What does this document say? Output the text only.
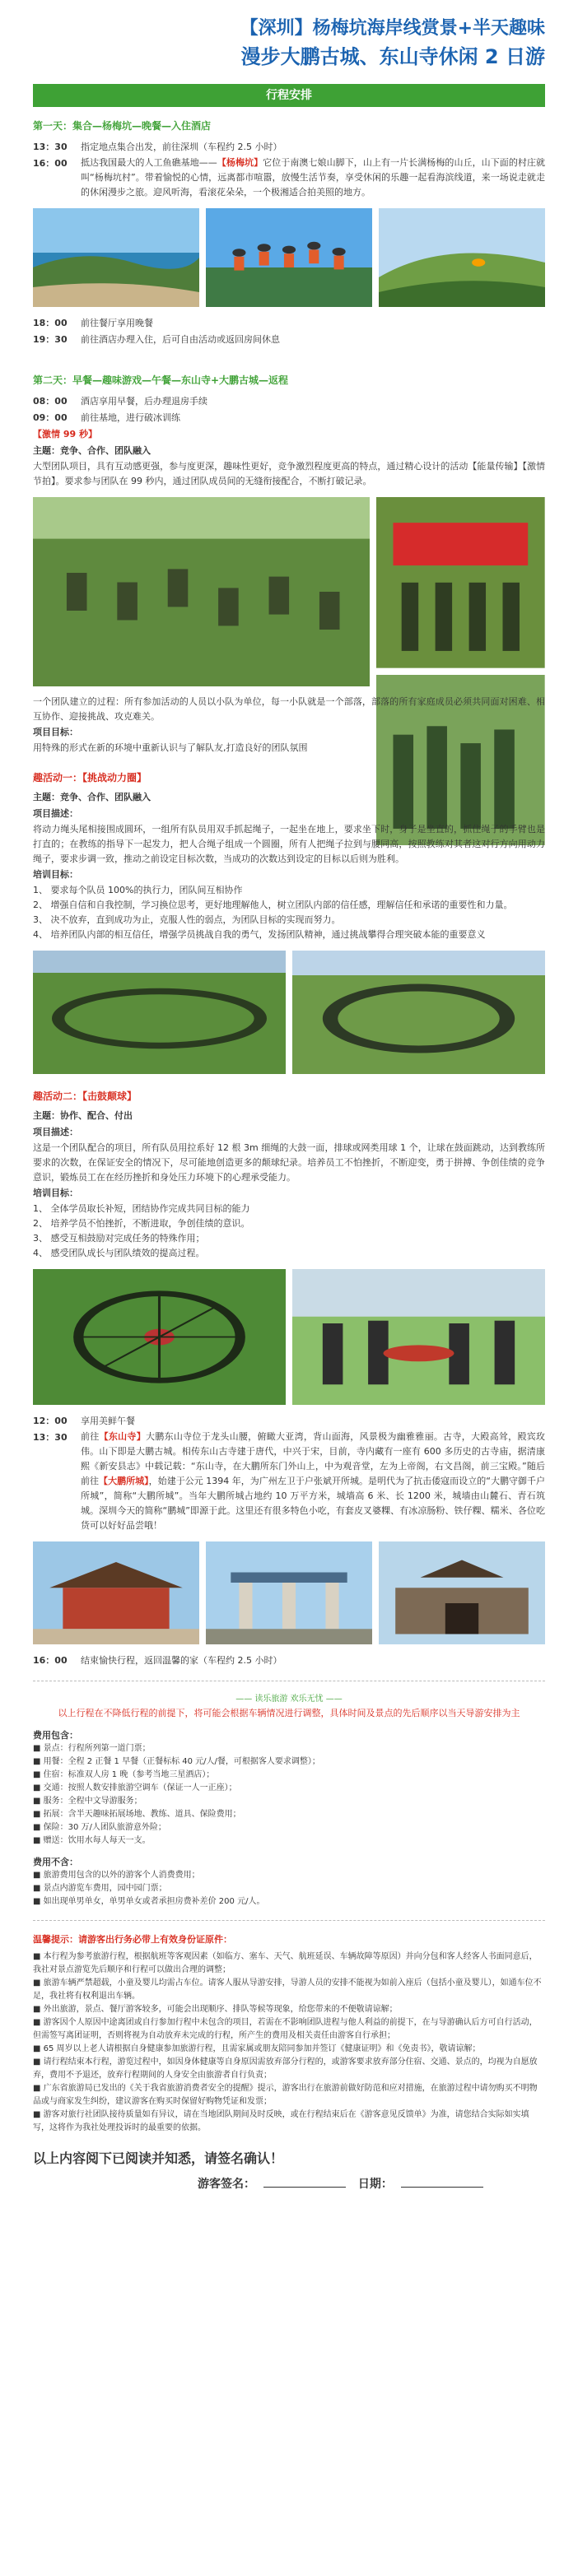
【深圳】杨梅坑海岸线赏景+半天趣味
漫步大鹏古城、东山寺休闲 2 日游
行程安排
第一天：集合—杨梅坑—晚餐—入住酒店
13：30	指定地点集合出发，前往深圳（车程约 2.5 小时）
16：00	抵达我国最大的人工鱼礁基地——【杨梅坑】它位于南澳七娘山脚下，山上有一片长满杨梅的山丘，山下面的村庄就叫“杨梅坑村”。带着愉悦的心情，远离都市喧嚣，放慢生活节奏，享受休闲的乐趣一起看海滨线道，来一场说走就走的休闲漫步之旅。迎风听海，看滚花朵朵，一个极湘适合拍美照的地方。
18：00	前往餐厅享用晚餐
19：30	前往酒店办理入住，后可自由活动或返回房间休息
第二天：早餐—趣味游戏—午餐—东山寺+大鹏古城—返程
08：00	酒店享用早餐，后办理退房手续
09：00	前往基地，进行破冰训练
【激情 99 秒】
主题：竞争、合作、团队融入
大型团队项目，具有互动感更强，参与度更深，趣味性更好，竞争激烈程度更高的特点，通过精心设计的活动【能量传输】【激情节拍】。要求参与团队在 99 秒内，通过团队成员间的无缝衔接配合，不断打破记录。
一个团队建立的过程：所有参加活动的人员以小队为单位，每一小队就是一个部落，部落的所有家庭成员必须共同面对困难、相互协作、迎接挑战、攻克难关。
项目目标：
用特殊的形式在新的环境中重新认识与了解队友,打造良好的团队氛围
趣活动一：【挑战动力圈】
主题：竞争、合作、团队融入
项目描述：
将动力绳头尾相接围成圆环，一组所有队员用双手抓起绳子，一起坐在地上，要求坐下时，身子是坐直的，抓住绳子的手臂也是打直的；在教练的指导下一起发力，把人合绳子组成一个圆圈，所有人把绳子拉到与腰同高，按照教练对其者这对行方向用动力绳子，要求步调一致，推动之前设定目标次数，当成功的次数达到设定的目标以后则为胜利。
培训目标：
1、 要求每个队员 100%的执行力，团队间互相协作
2、 增强自信和自我控制，学习换位思考，更好地理解他人，树立团队内部的信任感，理解信任和承诺的重要性和力量。
3、 决不放弃，直到成功为止，克服人性的弱点，为团队目标的实现而努力。
4、 培养团队内部的相互信任，增强学员挑战自我的勇气，发扬团队精神，通过挑战攀得合理突破本能的重要意义
趣活动二：【击鼓颠球】
主题：协作、配合、付出
项目描述：
这是一个团队配合的项目，所有队员用拉系好 12 根 3m 细绳的大鼓一面，排球或网类用球 1 个，让球在鼓面跳动，达到教练所要求的次数，在保证安全的情况下，尽可能地创造更多的颠球纪录。培养员工不怕挫折，不断迎变，勇于拼搏、争创佳绩的竞争意识，锻炼员工在在经历挫折和身处压力环境下的心理承受能力。
培训目标：
1、 全体学员取长补短，团结协作完成共同目标的能力
2、 培养学员不怕挫折，不断进取，争创佳绩的意识。
3、 感受互相鼓励对完成任务的特殊作用；
4、 感受团队成长与团队绩效的提高过程。
12：00	享用美鲜午餐
13：30	前往【东山寺】大鹏东山寺位于龙头山腰，俯瞰大亚湾，背山面海，风景极为幽雅雅丽。古寺，大殿高耸，殿宾玫伟。山下即是大鹏古城。相传东山古寺建于唐代，中兴于宋，目前，寺内藏有一座有 600 多历史的古寺庙，据清康熙《新安县志》中载记载：“东山寺，在大鹏所东门外山上，中为观音堂，左为上帝阁，右文昌阁，前三宝殿。”随后前往【大鹏所城】，始建于公元 1394 年，为广州左卫于户张斌开所城。是明代为了抗击倭寇而设立的“大鹏守御千户所城”，简称“大鹏所城”。当年大鹏所城占地约 10 万平方米，城墙高 6 米、长 1200 米，城墙由山麓石、青石筑城。深圳今天的简称“鹏城”即源于此。这里还有很多特色小吃，有套皮叉婆粿、有冰凉肠粉、铁仔粿、糯米、各位吃货可以好好品尝哦！
16：00	结束愉快行程，返回温馨的家（车程约 2.5 小时）
—— 读乐旅游 欢乐无忧 ——
以上行程在不降低行程的前提下，将可能会根据车辆情况进行调整，具体时间及景点的先后顺序以当天导游安排为主
费用包含：
■ 景点：行程所列第一道门票；
■ 用餐：全程 2 正餐 1 早餐（正餐标标 40 元/人/餐，可根据客人要求调整）；
■ 住宿：标准双人房 1 晚（参考当地三星酒店）；
■ 交通：按照人数安排旅游空调车（保证一人一正座）；
■ 服务：全程中文导游服务；
■ 拓展：含半天趣味拓展场地、教练、道具、保险费用；
■ 保险：30 万/人团队旅游意外险；
■ 赠送：饮用水每人每天一支。
费用不含：
■ 旅游费用包含的以外的游客个人消费费用；
■ 景点内游览车费用，园中园门票；
■ 如出现单男单女，单男单女或者承担房费补差价 200 元/人。
温馨提示：请游客出行务必带上有效身份证原件：
■ 本行程为参考旅游行程，根据航班等客观因素（如临方、塞车、天气、航班延误、车辆故障等原因）并向分包和客人经客人书面同意后，我社对景点游览先后顺序和行程可以做出合理的调整；
■ 旅游车辆严禁超载，小童及婴儿均需占车位。请客人服从导游安排，导游人员的安排不能视为如前入座后（包括小童及婴儿），如通车位不足，我社将有权利退出车辆。
■ 外出旅游，景点、餐厅游客较多，可能会出现顺序、排队等候等现象，给您带来的不便敬请谅解；
■ 游客因个人原因中途离团或自行参加行程中未包含的项目，若需在不影响团队进程与他人利益的前提下，在与导游确认后方可自行活动，但需签写离团证明，否则将视为自动放弃未完成的行程，所产生的费用及相关责任由游客自行承担；
■ 65 周岁以上老人请根据自身健康参加旅游行程，且需家属或朋友陪同参加并签订《健康证明》和《免责书》，敬请谅解；
■ 请行程结束本行程，游览过程中，如因身体健康等自身原因需放弃部分行程的，或游客要求放弃部分住宿、交通、景点的，均视为自愿放弃，费用不予退还，放弃行程期间的人身安全由旅游者自行负责；
■ 广东省旅游局已发出的《关于我省旅游消费者安全的提醒》提示，游客出行在旅游前做好防范和应对措施，在旅游过程中请勿购买不明物品或与商家发生纠纷，建议游客在购买时保留好购物凭证和发票；
■ 游客对旅行社团队接待质量如有异议，请在当地团队期间及时反映，或在行程结束后在《游客意见反馈单》为准，请您结合实际如实填写，这将作为我社处理投诉时的最重要的依据。
以上内容阅下已阅读并知悉，请签名确认！
游客签名：	日期：
